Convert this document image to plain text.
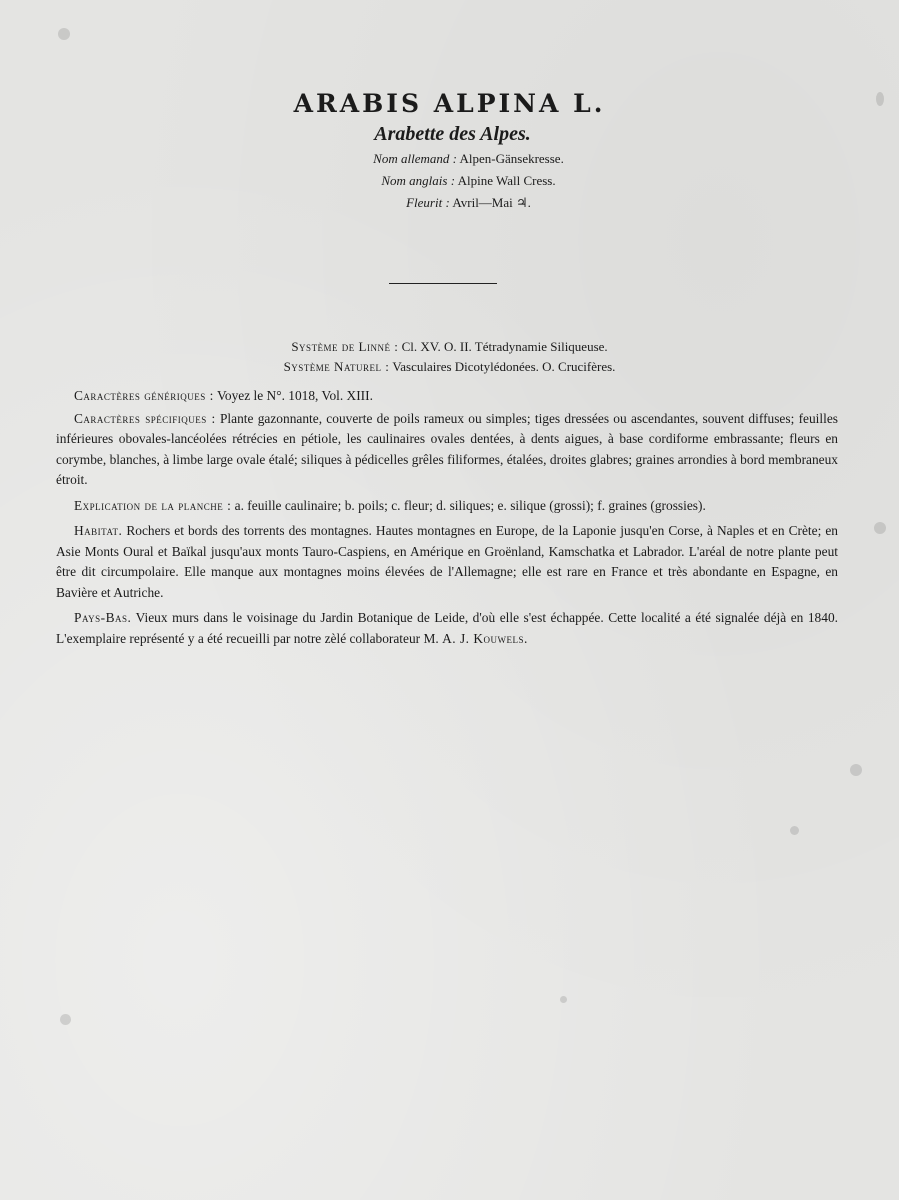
ARABIS ALPINA L.
Arabette des Alpes.
Nom allemand : Alpen-Gänsekresse.
Nom anglais : Alpine Wall Cress.
Fleurit : Avril—Mai ♃.
Système de Linné : Cl. XV. O. II. Tétradynamie Siliqueuse.
Système Naturel : Vasculaires Dicotylédonées. O. Crucifères.

Caractères génériques : Voyez le N°. 1018, Vol. XIII.

Caractères spécifiques : Plante gazonnante, couverte de poils rameux ou simples; tiges dressées ou ascendantes, souvent diffuses; feuilles inférieures obovales-lancéolées rétrécies en pétiole, les caulinaires ovales dentées, à dents aigues, à base cordiforme embrassante; fleurs en corymbe, blanches, à limbe large ovale étalé; siliques à pédicelles grêles filiformes, étalées, droites glabres; graines arrondies à bord membraneux étroit.

Explication de la planche : a. feuille caulinaire; b. poils; c. fleur; d. siliques; e. silique (grossi); f. graines (grossies).

Habitat. Rochers et bords des torrents des montagnes. Hautes montagnes en Europe, de la Laponie jusqu'en Corse, à Naples et en Crète; en Asie Monts Oural et Baïkal jusqu'aux monts Tauro-Caspiens, en Amérique en Groënland, Kamschatka et Labrador. L'aréal de notre plante peut être dit circumpolaire. Elle manque aux montagnes moins élevées de l'Allemagne; elle est rare en France et très abondante en Espagne, en Bavière et Autriche.

Pays-Bas. Vieux murs dans le voisinage du Jardin Botanique de Leide, d'où elle s'est échappée. Cette localité a été signalée déjà en 1840. L'exemplaire représenté y a été recueilli par notre zèlé collaborateur M. A. J. Kouwels.
